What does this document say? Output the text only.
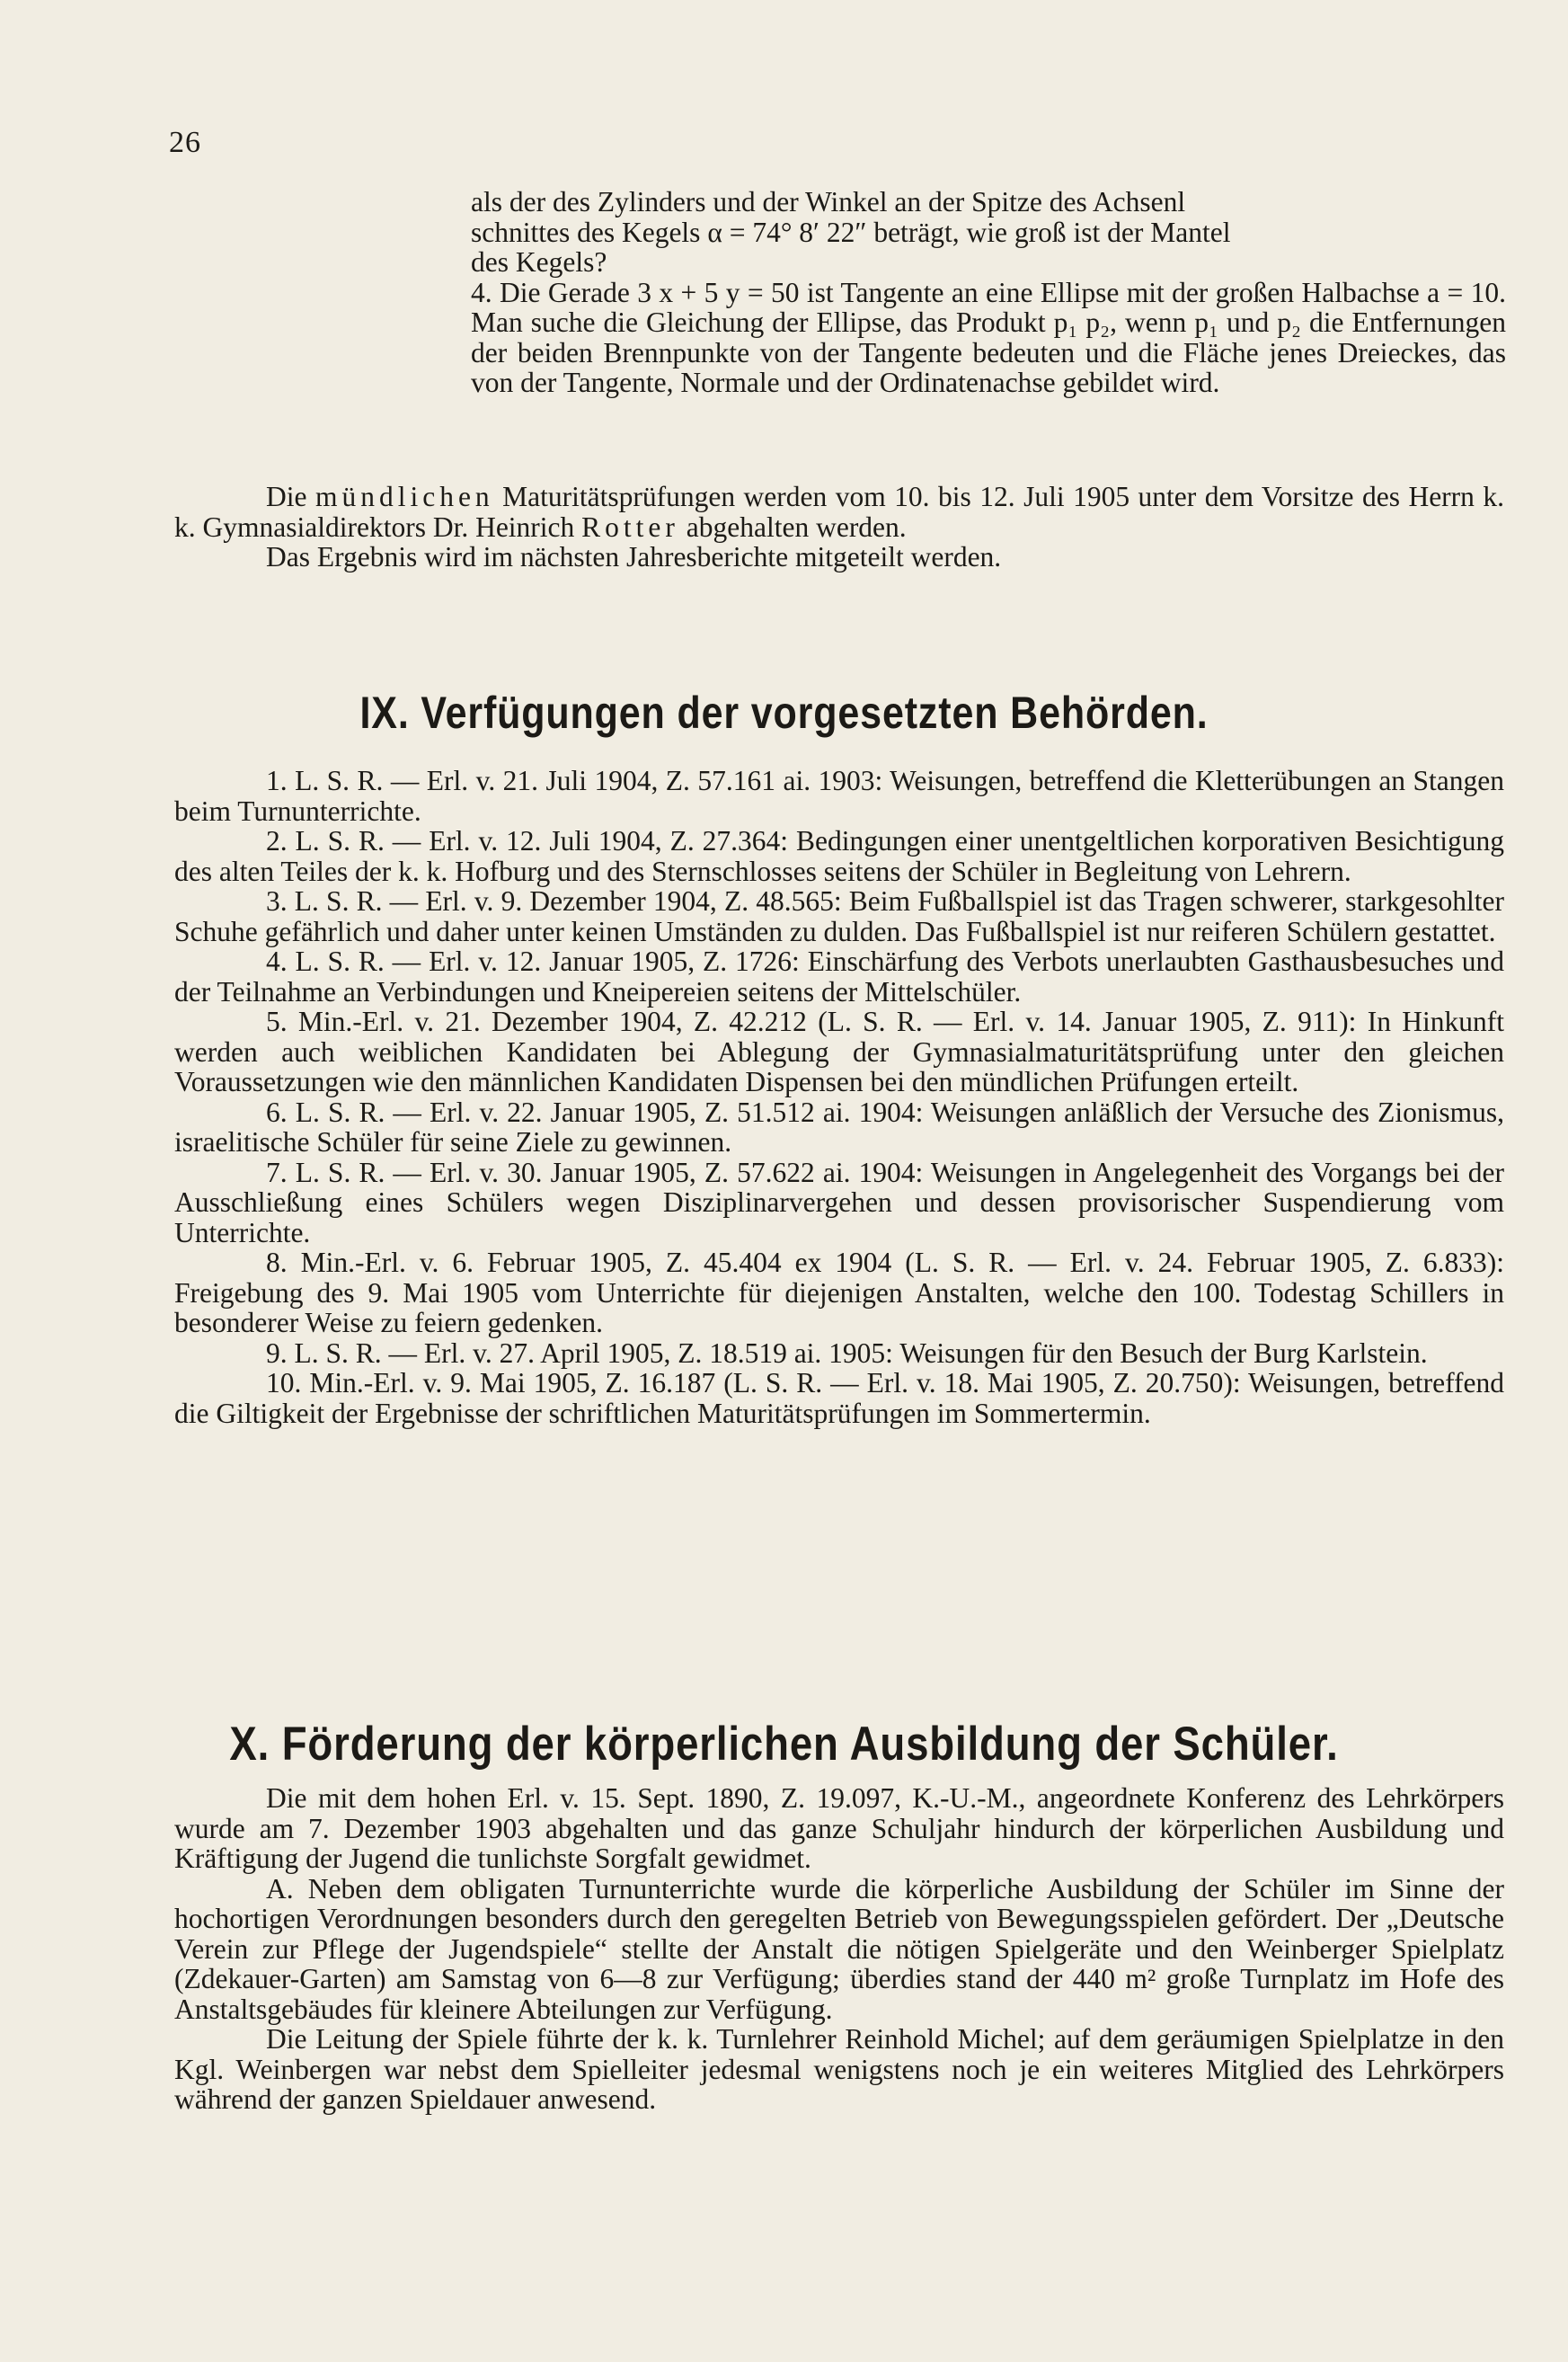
26

als der des Zylinders und der Winkel an der Spitze des Achsenl

schnittes des Kegels α = 74° 8′ 22″ beträgt, wie groß ist der Mantel

des Kegels?

4. Die Gerade 3 x + 5 y = 50 ist Tangente an eine Ellipse mit der großen Halbachse a = 10. Man suche die Gleichung der Ellipse, das Produkt p₁ p₂, wenn p₁ und p₂ die Entfernungen der beiden Brennpunkte von der Tangente bedeuten und die Fläche jenes Dreieckes, das von der Tangente, Normale und der Ordinatenachse gebildet wird.

Die mündlichen Maturitätsprüfungen werden vom 10. bis 12. Juli 1905 unter dem Vorsitze des Herrn k. k. Gymnasialdirektors Dr. Heinrich Rotter abgehalten werden.

Das Ergebnis wird im nächsten Jahresberichte mitgeteilt werden.

IX. Verfügungen der vorgesetzten Behörden.

1. L. S. R. — Erl. v. 21. Juli 1904, Z. 57.161 ai. 1903: Weisungen, betreffend die Kletterübungen an Stangen beim Turnunterrichte.

2. L. S. R. — Erl. v. 12. Juli 1904, Z. 27.364: Bedingungen einer unentgeltlichen korporativen Besichtigung des alten Teiles der k. k. Hofburg und des Sternschlosses seitens der Schüler in Begleitung von Lehrern.

3. L. S. R. — Erl. v. 9. Dezember 1904, Z. 48.565: Beim Fußballspiel ist das Tragen schwerer, starkgesohlter Schuhe gefährlich und daher unter keinen Umständen zu dulden. Das Fußballspiel ist nur reiferen Schülern gestattet.

4. L. S. R. — Erl. v. 12. Januar 1905, Z. 1726: Einschärfung des Verbots unerlaubten Gasthausbesuches und der Teilnahme an Verbindungen und Kneipereien seitens der Mittelschüler.

5. Min.-Erl. v. 21. Dezember 1904, Z. 42.212 (L. S. R. — Erl. v. 14. Januar 1905, Z. 911): In Hinkunft werden auch weiblichen Kandidaten bei Ablegung der Gymnasialmaturitätsprüfung unter den gleichen Voraussetzungen wie den männlichen Kandidaten Dispensen bei den mündlichen Prüfungen erteilt.

6. L. S. R. — Erl. v. 22. Januar 1905, Z. 51.512 ai. 1904: Weisungen anläßlich der Versuche des Zionismus, israelitische Schüler für seine Ziele zu gewinnen.

7. L. S. R. — Erl. v. 30. Januar 1905, Z. 57.622 ai. 1904: Weisungen in Angelegenheit des Vorgangs bei der Ausschließung eines Schülers wegen Disziplinarvergehen und dessen provisorischer Suspendierung vom Unterrichte.

8. Min.-Erl. v. 6. Februar 1905, Z. 45.404 ex 1904 (L. S. R. — Erl. v. 24. Februar 1905, Z. 6.833): Freigebung des 9. Mai 1905 vom Unterrichte für diejenigen Anstalten, welche den 100. Todestag Schillers in besonderer Weise zu feiern gedenken.

9. L. S. R. — Erl. v. 27. April 1905, Z. 18.519 ai. 1905: Weisungen für den Besuch der Burg Karlstein.

10. Min.-Erl. v. 9. Mai 1905, Z. 16.187 (L. S. R. — Erl. v. 18. Mai 1905, Z. 20.750): Weisungen, betreffend die Giltigkeit der Ergebnisse der schriftlichen Maturitätsprüfungen im Sommertermin.

X. Förderung der körperlichen Ausbildung der Schüler.

Die mit dem hohen Erl. v. 15. Sept. 1890, Z. 19.097, K.-U.-M., angeordnete Konferenz des Lehrkörpers wurde am 7. Dezember 1903 abgehalten und das ganze Schuljahr hindurch der körperlichen Ausbildung und Kräftigung der Jugend die tunlichste Sorgfalt gewidmet.

A. Neben dem obligaten Turnunterrichte wurde die körperliche Ausbildung der Schüler im Sinne der hochortigen Verordnungen besonders durch den geregelten Betrieb von Bewegungsspielen gefördert. Der „Deutsche Verein zur Pflege der Jugendspiele“ stellte der Anstalt die nötigen Spielgeräte und den Weinberger Spielplatz (Zdekauer-Garten) am Samstag von 6—8 zur Verfügung; überdies stand der 440 m² große Turnplatz im Hofe des Anstaltsgebäudes für kleinere Abteilungen zur Verfügung.

Die Leitung der Spiele führte der k. k. Turnlehrer Reinhold Michel; auf dem geräumigen Spielplatze in den Kgl. Weinbergen war nebst dem Spielleiter jedesmal wenigstens noch je ein weiteres Mitglied des Lehrkörpers während der ganzen Spieldauer anwesend.
